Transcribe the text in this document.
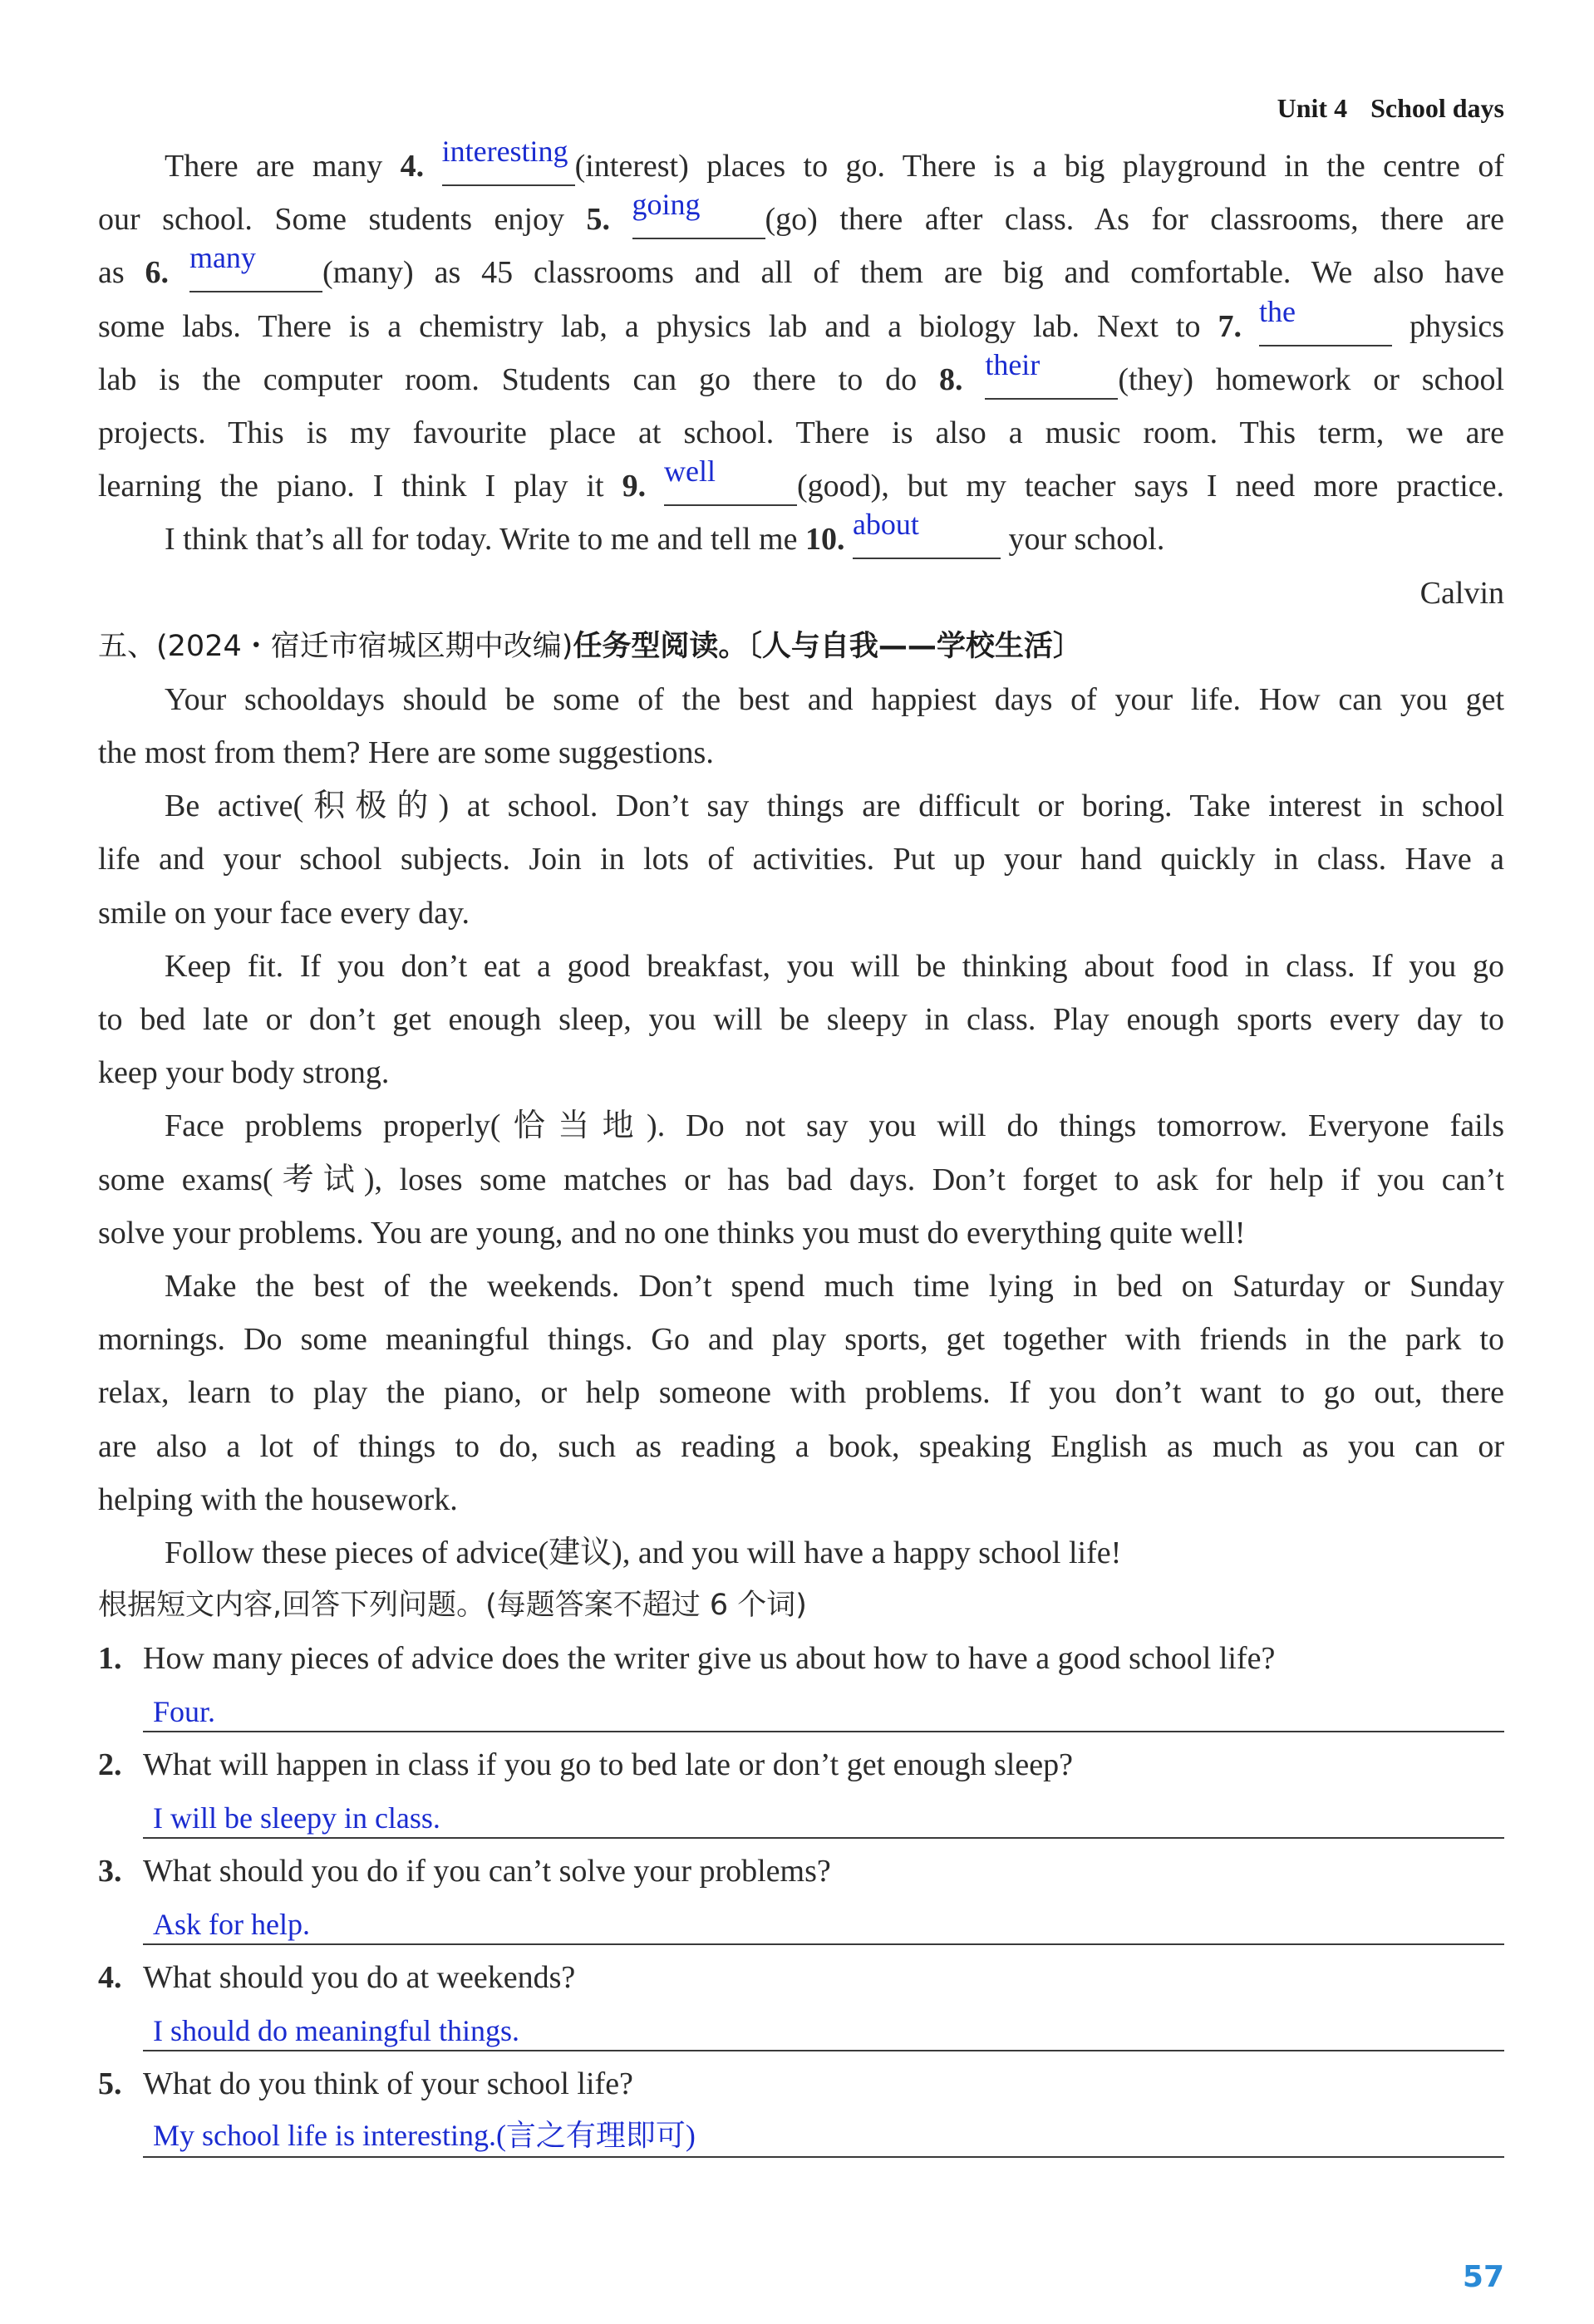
Unit 4 School days
There are many 4. interesting (interest) places to go. There is a big playground in the centre of
our school. Some students enjoy 5. going (go) there after class. As for classrooms, there are
as 6. many (many) as 45 classrooms and all of them are big and comfortable. We also have
some labs. There is a chemistry lab, a physics lab and a biology lab. Next to 7. the	physics
lab is the computer room. Students can go there to do 8. their (they) homework or school
projects. This is my favourite place at school. There is also a music room. This term, we are
learning the piano. I think I play it 9. well	(good), but my teacher says I need more practice.
I think that’s all for today. Write to me and tell me 10. about	your school.
Calvin
五、(2024・宿迁市宿城区期中改编)任务型阅读。〔人与自我——学校生活〕
Your schooldays should be some of the best and happiest days of your life. How can you get
the most from them? Here are some suggestions.
Be active(积极的) at school. Don’t say things are difficult or boring. Take interest in school
life and your school subjects. Join in lots of activities. Put up your hand quickly in class. Have a
smile on your face every day.
Keep fit. If you don’t eat a good breakfast, you will be thinking about food in class. If you go
to bed late or don’t get enough sleep, you will be sleepy in class. Play enough sports every day to
keep your body strong.
Face problems properly(恰当地). Do not say you will do things tomorrow. Everyone fails
some exams(考试), loses some matches or has bad days. Don’t forget to ask for help if you can’t
solve your problems. You are young, and no one thinks you must do everything quite well!
Make the best of the weekends. Don’t spend much time lying in bed on Saturday or Sunday
mornings. Do some meaningful things. Go and play sports, get together with friends in the park to
relax, learn to play the piano, or help someone with problems. If you don’t want to go out, there
are also a lot of things to do, such as reading a book, speaking English as much as you can or
helping with the housework.
Follow these pieces of advice(建议), and you will have a happy school life!
根据短文内容,回答下列问题。(每题答案不超过 6 个词)
1. How many pieces of advice does the writer give us about how to have a good school life?
Four.
2. What will happen in class if you go to bed late or don’t get enough sleep?
I will be sleepy in class.
3. What should you do if you can’t solve your problems?
Ask for help.
4. What should you do at weekends?
I should do meaningful things.
5. What do you think of your school life?
My school life is interesting.(言之有理即可)
57
